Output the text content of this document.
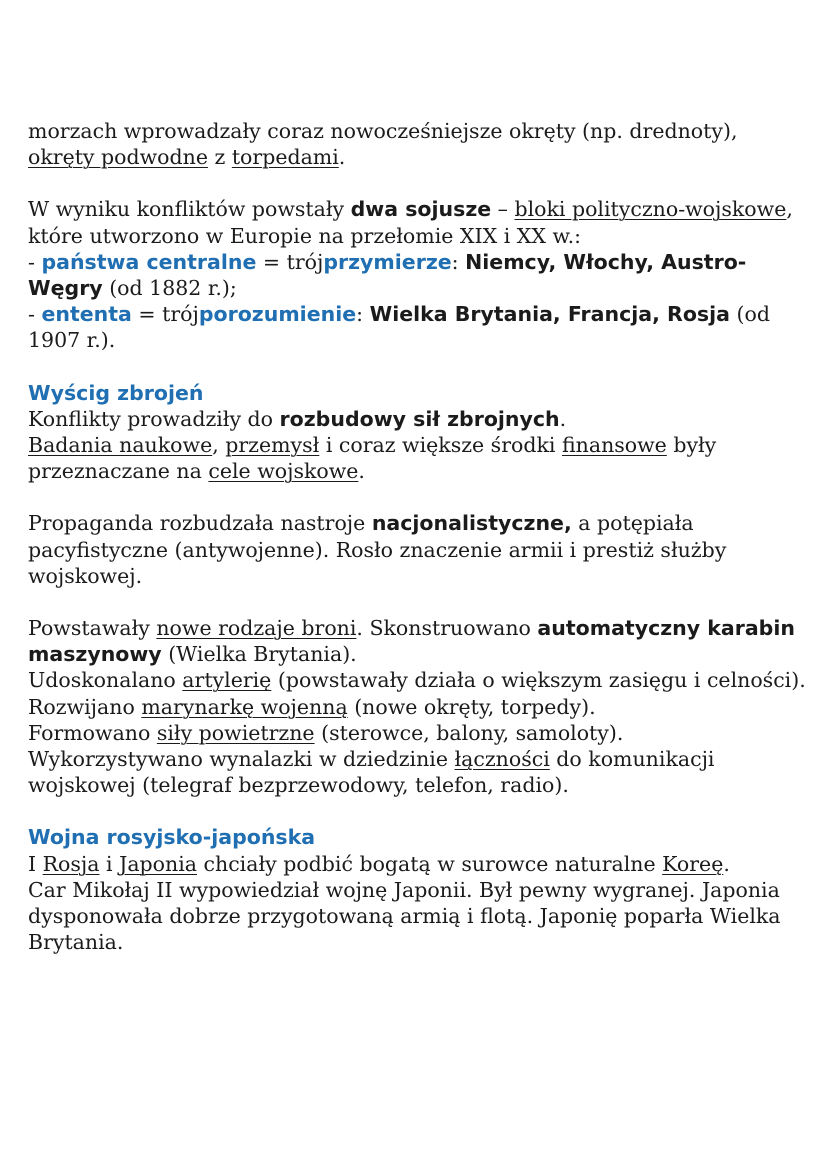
morzach wprowadzały coraz nowocześniejsze okręty (np. drednoty),
okręty podwodne z torpedami.

W wyniku konfliktów powstały dwa sojusze – bloki polityczno-wojskowe, które utworzono w Europie na przełomie XIX i XX w.:

- państwa centralne = trójprzymierze: Niemcy, Włochy, Austro-Węgry (od 1882 r.);

- ententa = trójporozumienie: Wielka Brytania, Francja, Rosja (od 1907 r.).

Wyścig zbrojeń

Konflikty prowadziły do rozbudowy sił zbrojnych.

Badania naukowe, przemysł i coraz większe środki finansowe były przeznaczane na cele wojskowe.

Propaganda rozbudzała nastroje nacjonalistyczne, a potępiała pacyfistyczne (antywojenne). Rosło znaczenie armii i prestiż służby wojskowej.

Powstawały nowe rodzaje broni. Skonstruowano automatyczny karabin maszynowy (Wielka Brytania).

Udoskonalano artylerię (powstawały działa o większym zasięgu i celności).

Rozwijano marynarkę wojenną (nowe okręty, torpedy).

Formowano siły powietrzne (sterowce, balony, samoloty).

Wykorzystywano wynalazki w dziedzinie łączności do komunikacji wojskowej (telegraf bezprzewodowy, telefon, radio).

Wojna rosyjsko-japońska

I Rosja i Japonia chciały podbić bogatą w surowce naturalne Koreę.

Car Mikołaj II wypowiedział wojnę Japonii. Był pewny wygranej. Japonia dysponowała dobrze przygotowaną armią i flotą. Japonię poparła Wielka Brytania.
